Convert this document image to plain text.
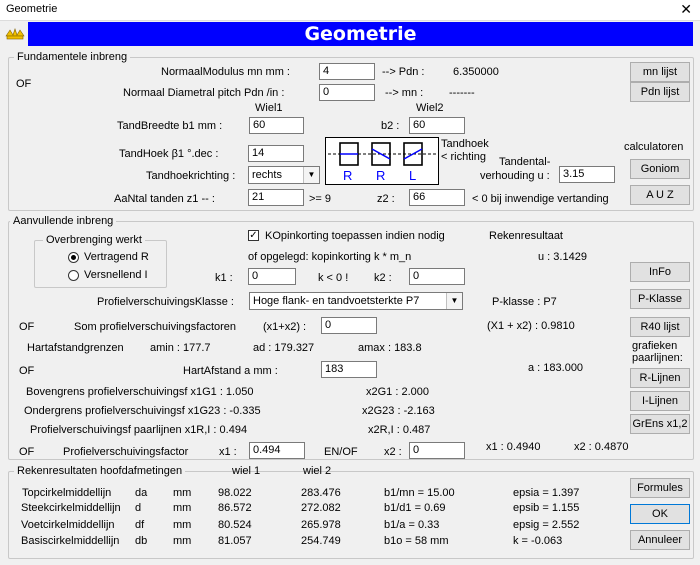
Geometrie	✕
Geometrie
Fundamentele inbreng
OF
NormaalModulus mn mm :	4	--> Pdn :	6.350000
Normaal Diametral pitch Pdn /in :	0	--> mn : -------
Wiel1	Wiel2
TandBreedte b1 mm :	60	b2 :	60
TandHoek β1 °.dec :	14
Tandhoekrichting :	rechts	▼ R R L
Tandhoek
< richting Tandental-
verhouding u :	3.15
AaNtal tanden z1 -- :	21	>= 9	z2 :	66	< 0 bij inwendige vertanding
calculatoren
mn lijst
Pdn lijst
Goniom
A U Z
Aanvullende inbreng
Overbrenging werkt
Vertragend R
Versnellend I
✓ KOpinkorting toepassen indien nodig
of opgelegd: kopinkorting k * m_n
k1 :	0	k < 0 ! k2 :	0
ProfielverschuivingsKlasse :	Hoge flank- en tandvoetsterkte P7	▼
OF	Som profielverschuivingsfactoren (x1+x2) :	0
Hartafstandgrenzen amin : 177.7	ad : 179.327	amax : 183.8
OF	HartAfstand a mm :	183
Bovengrens profielverschuivingsf x1G1 : 1.050	x2G1 : 2.000
Ondergrens profielverschuivingsf x1G23 : -0.335	x2G23 : -2.163
Profielverschuivingsf paarlijnen x1R,I : 0.494	x2R,I : 0.487
OF	Profielverschuivingsfactor	x1 :	0.494	EN/OF x2 :	0
Rekenresultaat
u : 3.1429
P-klasse : P7
(X1 + x2) : 0.9810
a : 183.000
x1 : 0.4940	x2 : 0.4870
InFo
P-Klasse
R40 lijst
grafieken
paarlijnen:
R-Lijnen
I-Lijnen
GrEns x1,2
Rekenresultaten hoofdafmetingen	wiel 1	wiel 2
Topcirkelmiddellijn da mm 98.022	283.476	b1/mn = 15.00	epsia = 1.397
Steekcirkelmiddellijn d	mm 86.572	272.082	b1/d1 = 0.69	epsib = 1.155
Voetcirkelmiddellijn df	mm 80.524	265.978	b1/a = 0.33	epsig = 2.552
Basiscirkelmiddellijn db mm 81.057	254.749	b1o = 58 mm	k = -0.063
Formules
OK
Annuleer
